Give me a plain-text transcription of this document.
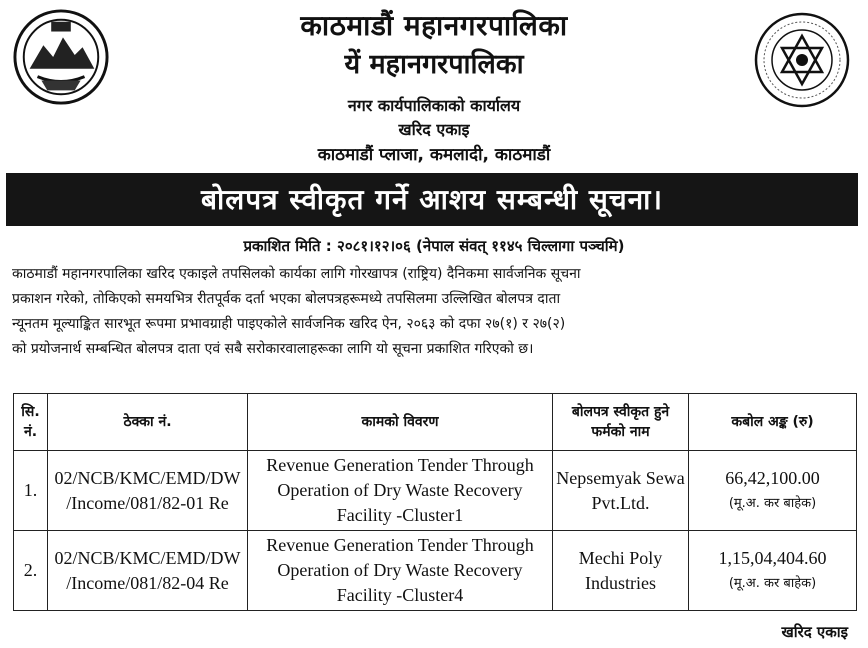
काठमाडौं महानगरपालिका
यें महानगरपालिका
नगर कार्यपालिकाको कार्यालय
खरिद एकाइ
काठमाडौं प्लाजा, कमलादी, काठमाडौं
बोलपत्र स्वीकृत गर्ने आशय सम्बन्धी सूचना।
प्रकाशित मिति : २०८१।१२।०६ (नेपाल संवत् ११४५ चिल्लागा पञ्चमि)
काठमाडौं महानगरपालिका खरिद एकाइले तपसिलको कार्यका लागि गोरखापत्र (राष्ट्रिय) दैनिकमा सार्वजनिक सूचना
प्रकाशन गरेको, तोकिएको समयभित्र रीतपूर्वक दर्ता भएका बोलपत्रहरूमध्ये तपसिलमा उल्लिखित बोलपत्र दाता
न्यूनतम मूल्याङ्कित सारभूत रूपमा प्रभावग्राही पाइएकोले सार्वजनिक खरिद ऐन, २०६३ को दफा २७(१) र २७(२)
को प्रयोजनार्थ सम्बन्धित बोलपत्र दाता एवं सबै सरोकारवालाहरूका लागि यो सूचना प्रकाशित गरिएको छ।
सि. नं.	ठेक्का नं.	कामको विवरण	बोलपत्र स्वीकृत हुने फर्मको नाम	कबोल अङ्क (रु)
1.	02/NCB/KMC/EMD/DW /Income/081/82-01 Re	Revenue Generation Tender Through Operation of Dry Waste Recovery Facility -Cluster1	Nepsemyak Sewa Pvt.Ltd.	66,42,100.00
(मू.अ. कर बाहेक)

2.	02/NCB/KMC/EMD/DW /Income/081/82-04 Re	Revenue Generation Tender Through Operation of Dry Waste Recovery Facility -Cluster4	Mechi Poly Industries	1,15,04,404.60
(मू.अ. कर बाहेक)
खरिद एकाइ
